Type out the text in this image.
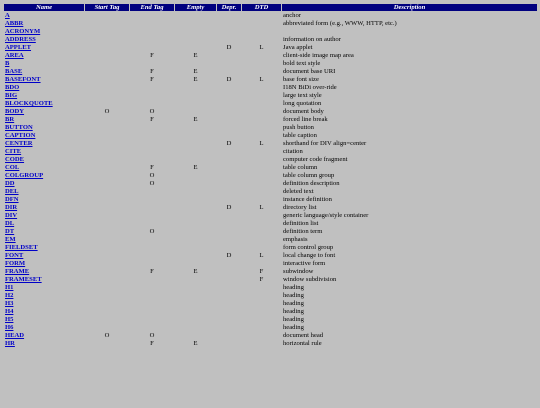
Name	Start Tag	End Tag	Empty	Depr.	DTD	Description
A						anchor
ABBR						abbreviated form (e.g., WWW, HTTP, etc.)
ACRONYM						
ADDRESS						information on author
APPLET				D	L	Java applet
AREA		F	E			client-side image map area
B						bold text style
BASE		F	E			document base URI
BASEFONT		F	E	D	L	base font size
BDO						I18N BiDi over-ride
BIG						large text style
BLOCKQUOTE						long quotation
BODY	O	O				document body
BR		F	E			forced line break
BUTTON						push button
CAPTION						table caption
CENTER				D	L	shorthand for DIV align=center
CITE						citation
CODE						computer code fragment
COL		F	E			table column
COLGROUP		O				table column group
DD		O				definition description
DEL						deleted text
DFN						instance definition
DIR				D	L	directory list
DIV						generic language/style container
DL						definition list
DT		O				definition term
EM						emphasis
FIELDSET						form control group
FONT				D	L	local change to font
FORM						interactive form
FRAME		F	E		F	subwindow
FRAMESET					F	window subdivision
H1						heading
H2						heading
H3						heading
H4						heading
H5						heading
H6						heading
HEAD	O	O				document head
HR		F	E			horizontal rule
